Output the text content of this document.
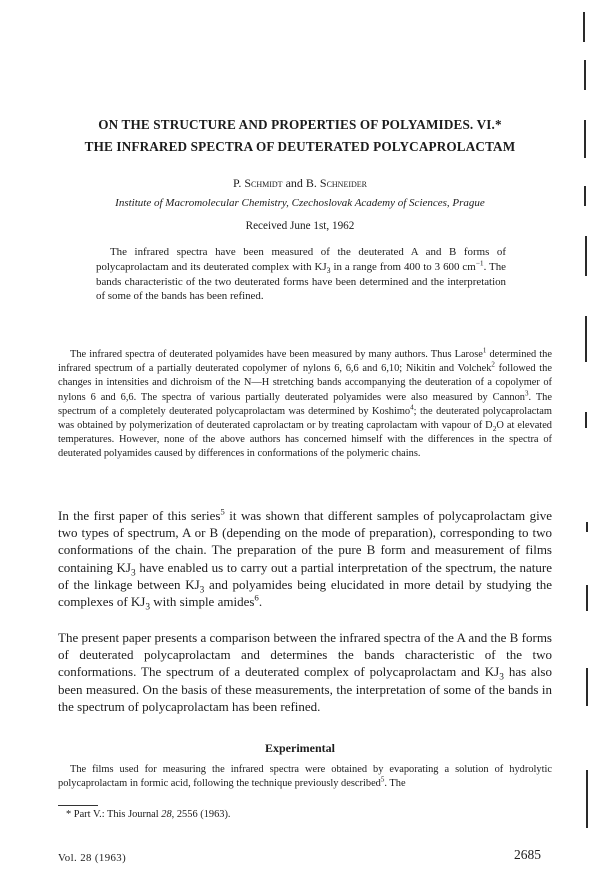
ON THE STRUCTURE AND PROPERTIES OF POLYAMIDES. VI.*
THE INFRARED SPECTRA OF DEUTERATED POLYCAPROLACTAM
P. Schmidt and B. Schneider
Institute of Macromolecular Chemistry, Czechoslovak Academy of Sciences, Prague
Received June 1st, 1962

The infrared spectra have been measured of the deuterated A and B forms of polycaprolactam and its deuterated complex with $KJ_3$ in a range from 400 to 3 600 $cm^{-1}$. The bands characteristic of the two deuterated forms have been determined and the interpretation of some of the bands has been refined.

The infrared spectra of deuterated polyamides have been measured by many authors. Thus Larose$^1$ determined the infrared spectrum of a partially deuterated copolymer of nylons 6, 6,6 and 6,10; Nikitin and Volchek$^2$ followed the changes in intensities and dichroism of the N—H stretching bands accompanying the deuteration of a copolymer of nylons 6 and 6,6. The spectra of various partially deuterated polyamides were also measured by Cannon$^3$. The spectrum of a completely deuterated polycaprolactam was determined by Koshimo$^4$; the deuterated polycaprolactam was obtained by polymerization of deuterated caprolactam or by treating caprolactam with vapour of $D_2O$ at elevated temperatures. However, none of the above authors has concerned himself with the differences in the spectra of deuterated polyamides caused by differences in conformations of the polymeric chains.

In the first paper of this series$^5$ it was shown that different samples of polycaprolactam give two types of spectrum, A or B (depending on the mode of preparation), corresponding to two conformations of the chain. The preparation of the pure B form and measurement of films containing $KJ_3$ have enabled us to carry out a partial interpretation of the spectrum, the nature of the linkage between $KJ_3$ and polyamides being elucidated in more detail by studying the complexes of $KJ_3$ with simple amides$^6$.

The present paper presents a comparison between the infrared spectra of the A and the B forms of deuterated polycaprolactam and determines the bands characteristic of the two conformations. The spectrum of a deuterated complex of polycaprolactam and $KJ_3$ has also been measured. On the basis of these measurements, the interpretation of some of the bands in the spectrum of polycaprolactam has been refined.

Experimental

The films used for measuring the infrared spectra were obtained by evaporating a solution of hydrolytic polycaprolactam in formic acid, following the technique previously described$^5$. The

* Part V.: This Journal 28, 2556 (1963).
Vol. 28 (1963)	2685
